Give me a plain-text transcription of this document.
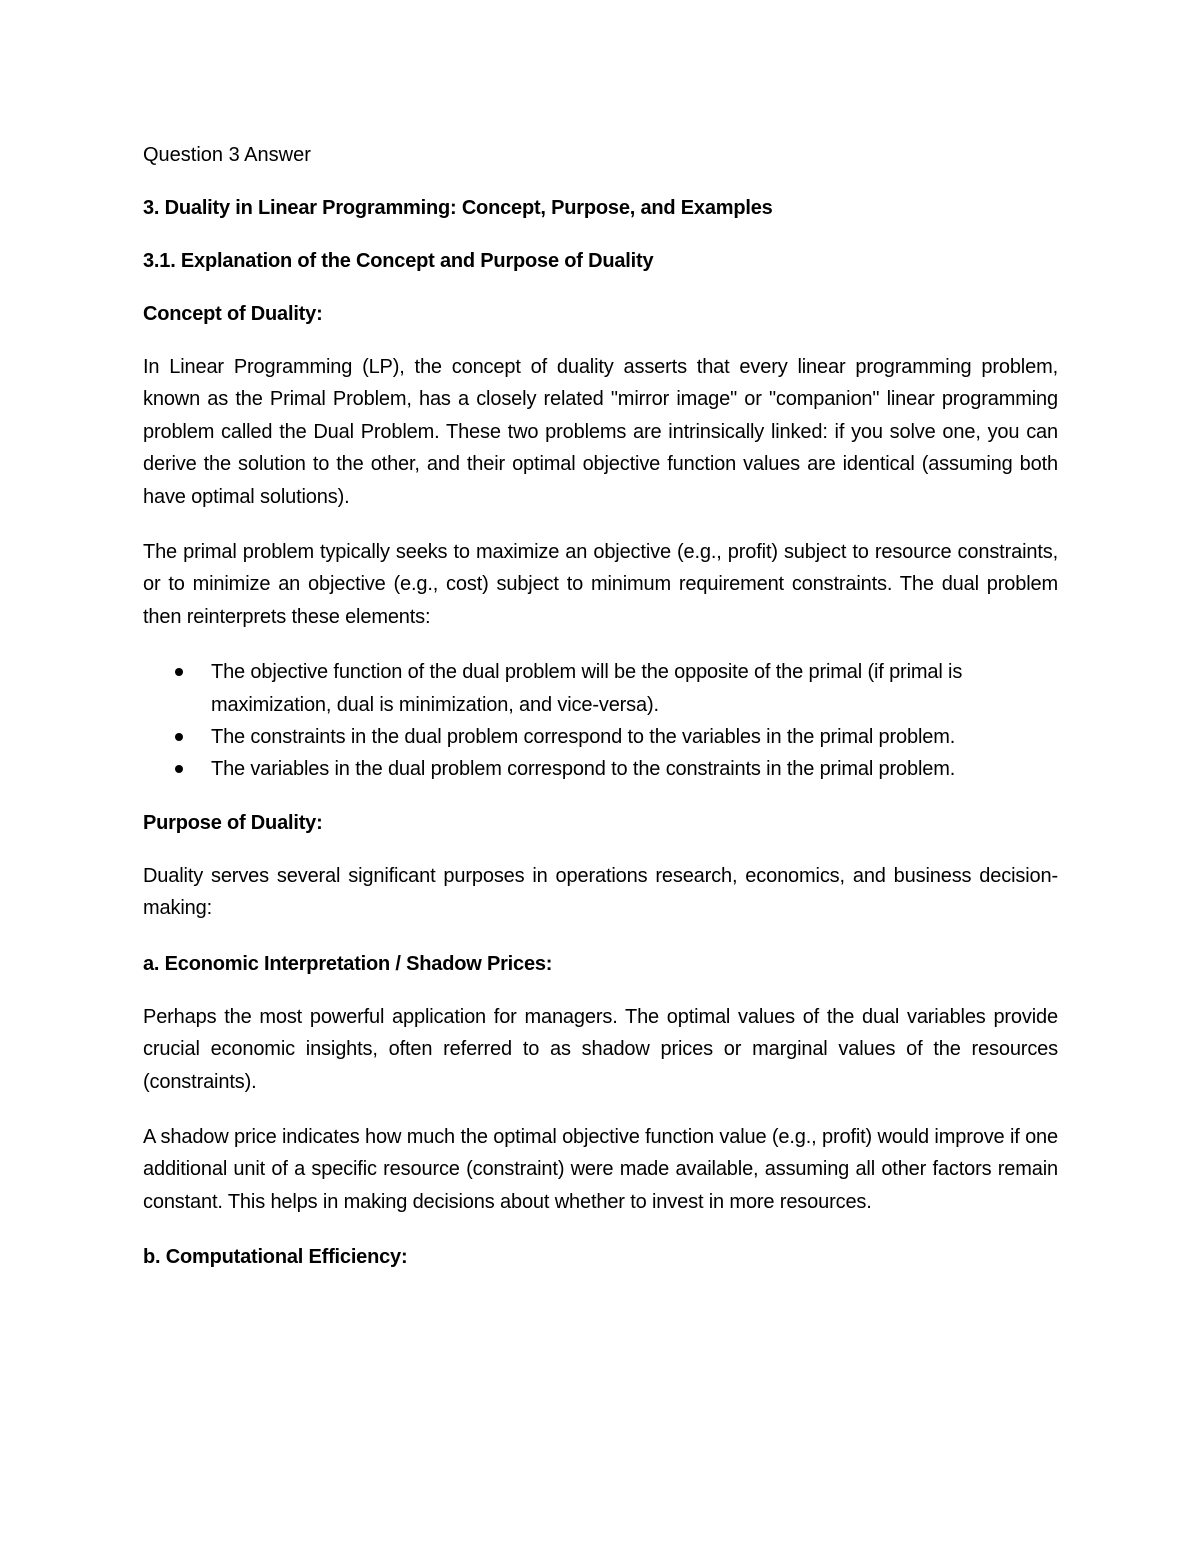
Question 3 Answer

3. Duality in Linear Programming: Concept, Purpose, and Examples
3.1. Explanation of the Concept and Purpose of Duality
Concept of Duality:

In Linear Programming (LP), the concept of duality asserts that every linear programming problem, known as the Primal Problem, has a closely related "mirror image" or "companion" linear programming problem called the Dual Problem. These two problems are intrinsically linked: if you solve one, you can derive the solution to the other, and their optimal objective function values are identical (assuming both have optimal solutions).

The primal problem typically seeks to maximize an objective (e.g., profit) subject to resource constraints, or to minimize an objective (e.g., cost) subject to minimum requirement constraints. The dual problem then reinterprets these elements:

The objective function of the dual problem will be the opposite of the primal (if primal is maximization, dual is minimization, and vice-versa).
The constraints in the dual problem correspond to the variables in the primal problem.
The variables in the dual problem correspond to the constraints in the primal problem.
Purpose of Duality:

Duality serves several significant purposes in operations research, economics, and business decision-making:

a. Economic Interpretation / Shadow Prices:

Perhaps the most powerful application for managers. The optimal values of the dual variables provide crucial economic insights, often referred to as shadow prices or marginal values of the resources (constraints).

A shadow price indicates how much the optimal objective function value (e.g., profit) would improve if one additional unit of a specific resource (constraint) were made available, assuming all other factors remain constant. This helps in making decisions about whether to invest in more resources.

b. Computational Efficiency:
